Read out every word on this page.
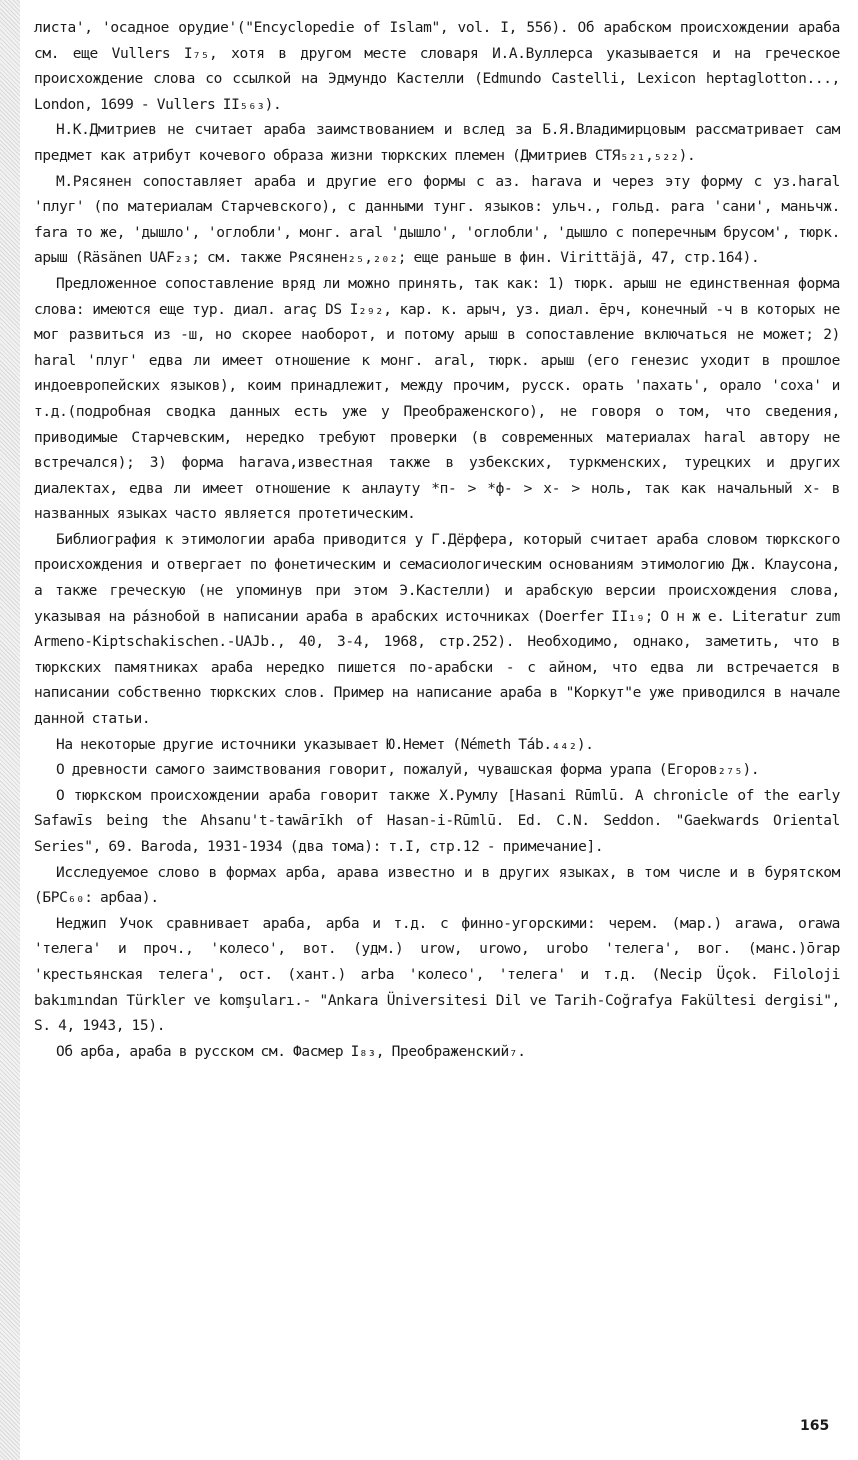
листа', 'осадное орудие'("Encyclopedie of Islam", vol. I, 556). Об арабском происхождении араба см. еще Vullers I₇₅, хотя в другом месте словаря И.А.Вуллерса указывается и на греческое происхождение слова со ссылкой на Эдмундо Кастелли (Edmundo Castelli, Lexicon heptaglotton..., London, 1699 - Vullers II₅₆₃).

Н.К.Дмитриев не считает араба заимствованием и вслед за Б.Я.Владимирцовым рассматривает сам предмет как атрибут кочевого образа жизни тюркских племен (Дмитриев СТЯ₅₂₁,₅₂₂).

М.Рясянен сопоставляет араба и другие его формы с аз. harava и через эту форму с уз.haral 'плуг' (по материалам Старчевского), с данными тунг. языков: ульч., гольд. para 'сани', маньчж. fara то же, 'дышло', 'оглобли', монг. aral 'дышло', 'оглобли', 'дышло с поперечным брусом', тюрк. арыш (Räsänen UAF₂₃; см. также Рясянен₂₅,₂₀₂; еще раньше в фин. Virittäjä, 47, стр.164).

Предложенное сопоставление вряд ли можно принять, так как: 1) тюрк. арыш не единственная форма слова: имеются еще тур. диал. araç DS I₂₉₂, кар. к. арыч, уз. диал. ēрч, конечный -ч в которых не мог развиться из -ш, но скорее наоборот, и потому арыш в сопоставление включаться не может; 2) haral 'плуг' едва ли имеет отношение к монг. aral, тюрк. арыш (его генезис уходит в прошлое индоевропейских языков), коим принадлежит, между прочим, русск. орать 'пахать', орало 'соха' и т.д.(подробная сводка данных есть уже у Преображенского), не говоря о том, что сведения, приводимые Старчевским, нередко требуют проверки (в современных материалах haral автору не встречался); 3) форма harava,известная также в узбекских, туркменских, турецких и других диалектах, едва ли имеет отношение к анлауту *п- > *ф- > х- > ноль, так как начальный х- в названных языках часто является протетическим.

Библиография к этимологии араба приводится у Г.Дёрфера, который считает араба словом тюркского происхождения и отвергает по фонетическим и семасиологическим основаниям этимологию Дж. Клаусона, а также греческую (не упоминув при этом Э.Кастелли) и арабскую версии происхождения слова, указывая на рáзнобой в написании араба в арабских источниках (Doerfer II₁₉; О н ж е. Literatur zum Armeno-Kiptschakischen.-UAJb., 40, 3-4, 1968, стр.252). Необходимо, однако, заметить, что в тюркских памятниках араба нередко пишется по-арабски - с айном, что едва ли встречается в написании собственно тюркских слов. Пример на написание араба в "Коркут"е уже приводился в начале данной статьи.

На некоторые другие источники указывает Ю.Немет (Németh Táb.₄₄₂).

О древности самого заимствования говорит, пожалуй, чувашская форма урапа (Егоров₂₇₅).

О тюркском происхождении араба говорит также Х.Румлу [Hasani Rūmlū. A chronicle of the early Safawīs being the Ahsanu't-tawārīkh of Hasan-i-Rūmlū. Ed. C.N. Seddon. "Gaekwards Oriental Series", 69. Baroda, 1931-1934 (два тома): т.I, стр.12 - примечание].

Исследуемое слово в формах арба, аравa известно и в других языках, в том числе и в бурятском (БРС₆₀: арбаа).

Неджип Учок сравнивает араба, арба и т.д. с финно-угорскими: черем. (мар.) arawa, orawa 'телега' и проч., 'колесо', вот. (удм.) urow, urowo, urobo 'телега', вог. (манс.)ōrap 'крестьянская телега', ост. (хант.) arba 'колесо', 'телега' и т.д. (Necip Üçok. Filoloji bakımından Türkler ve komşuları.- "Ankara Üniversitesi Dil ve Tarih-Coğrafya Fakültesi dergisi", S. 4, 1943, 15).

Об арба, араба в русском см. Фасмер I₈₃, Преображенский₇.

165
